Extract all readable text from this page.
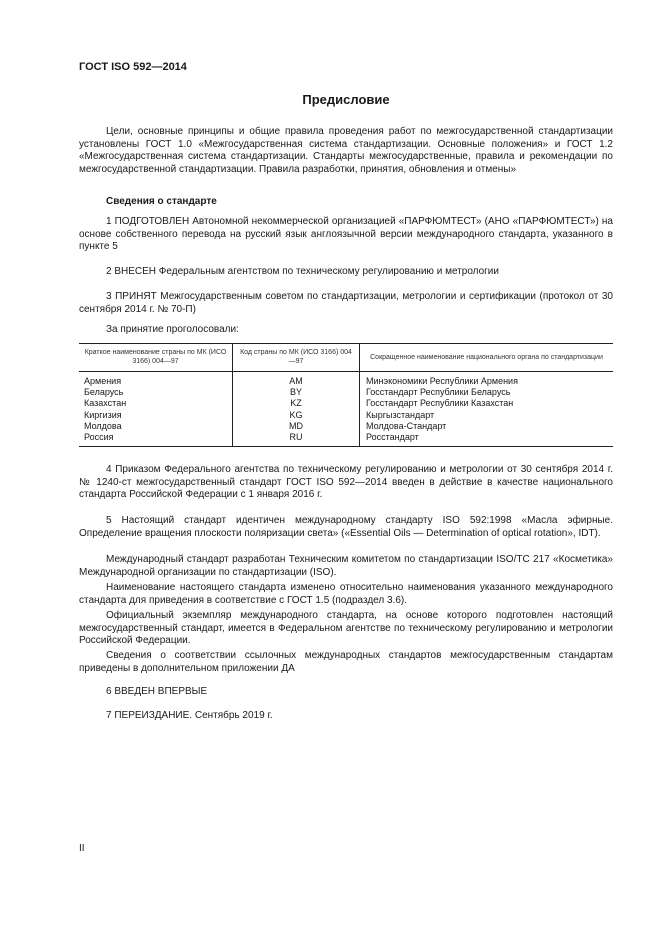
ГОСТ ISO 592—2014
Предисловие
Цели, основные принципы и общие правила проведения работ по межгосударственной стандартизации установлены ГОСТ 1.0 «Межгосударственная система стандартизации. Основные положения» и ГОСТ 1.2 «Межгосударственная система стандартизации. Стандарты межгосударственные, правила и рекомендации по межгосударственной стандартизации. Правила разработки, принятия, обновления и отмены»
Сведения о стандарте
1 ПОДГОТОВЛЕН Автономной некоммерческой организацией «ПАРФЮМТЕСТ» (АНО «ПАРФЮМТЕСТ») на основе собственного перевода на русский язык англоязычной версии международного стандарта, указанного в пункте 5
2 ВНЕСЕН Федеральным агентством по техническому регулированию и метрологии
3 ПРИНЯТ Межгосударственным советом по стандартизации, метрологии и сертификации (протокол от 30 сентября 2014 г. № 70-П)
За принятие проголосовали:
Краткое наименование страны по МК (ИСО 3166) 004—97	Код страны по МК (ИСО 3166) 004—97	Сокращенное наименование национального органа по стандартизации
Армения	AM	Минэкономики Республики Армения
Беларусь	BY	Госстандарт Республики Беларусь
Казахстан	KZ	Госстандарт Республики Казахстан
Киргизия	KG	Кыргызстандарт
Молдова	MD	Молдова-Стандарт
Россия	RU	Росстандарт
4 Приказом Федерального агентства по техническому регулированию и метрологии от 30 сентября 2014 г. № 1240-ст межгосударственный стандарт ГОСТ ISO 592—2014 введен в действие в качестве национального стандарта Российской Федерации с 1 января 2016 г.
5 Настоящий стандарт идентичен международному стандарту ISO 592:1998 «Масла эфирные. Определение вращения плоскости поляризации света» («Essential Oils — Determination of optical rotation», IDT).
Международный стандарт разработан Техническим комитетом по стандартизации ISO/TC 217 «Косметика» Международной организации по стандартизации (ISO).
Наименование настоящего стандарта изменено относительно наименования указанного международного стандарта для приведения в соответствие с ГОСТ 1.5 (подраздел 3.6).
Официальный экземпляр международного стандарта, на основе которого подготовлен настоящий межгосударственный стандарт, имеется в Федеральном агентстве по техническому регулированию и метрологии Российской Федерации.
Сведения о соответствии ссылочных международных стандартов межгосударственным стандартам приведены в дополнительном приложении ДА
6 ВВЕДЕН ВПЕРВЫЕ
7 ПЕРЕИЗДАНИЕ. Сентябрь 2019 г.
II
